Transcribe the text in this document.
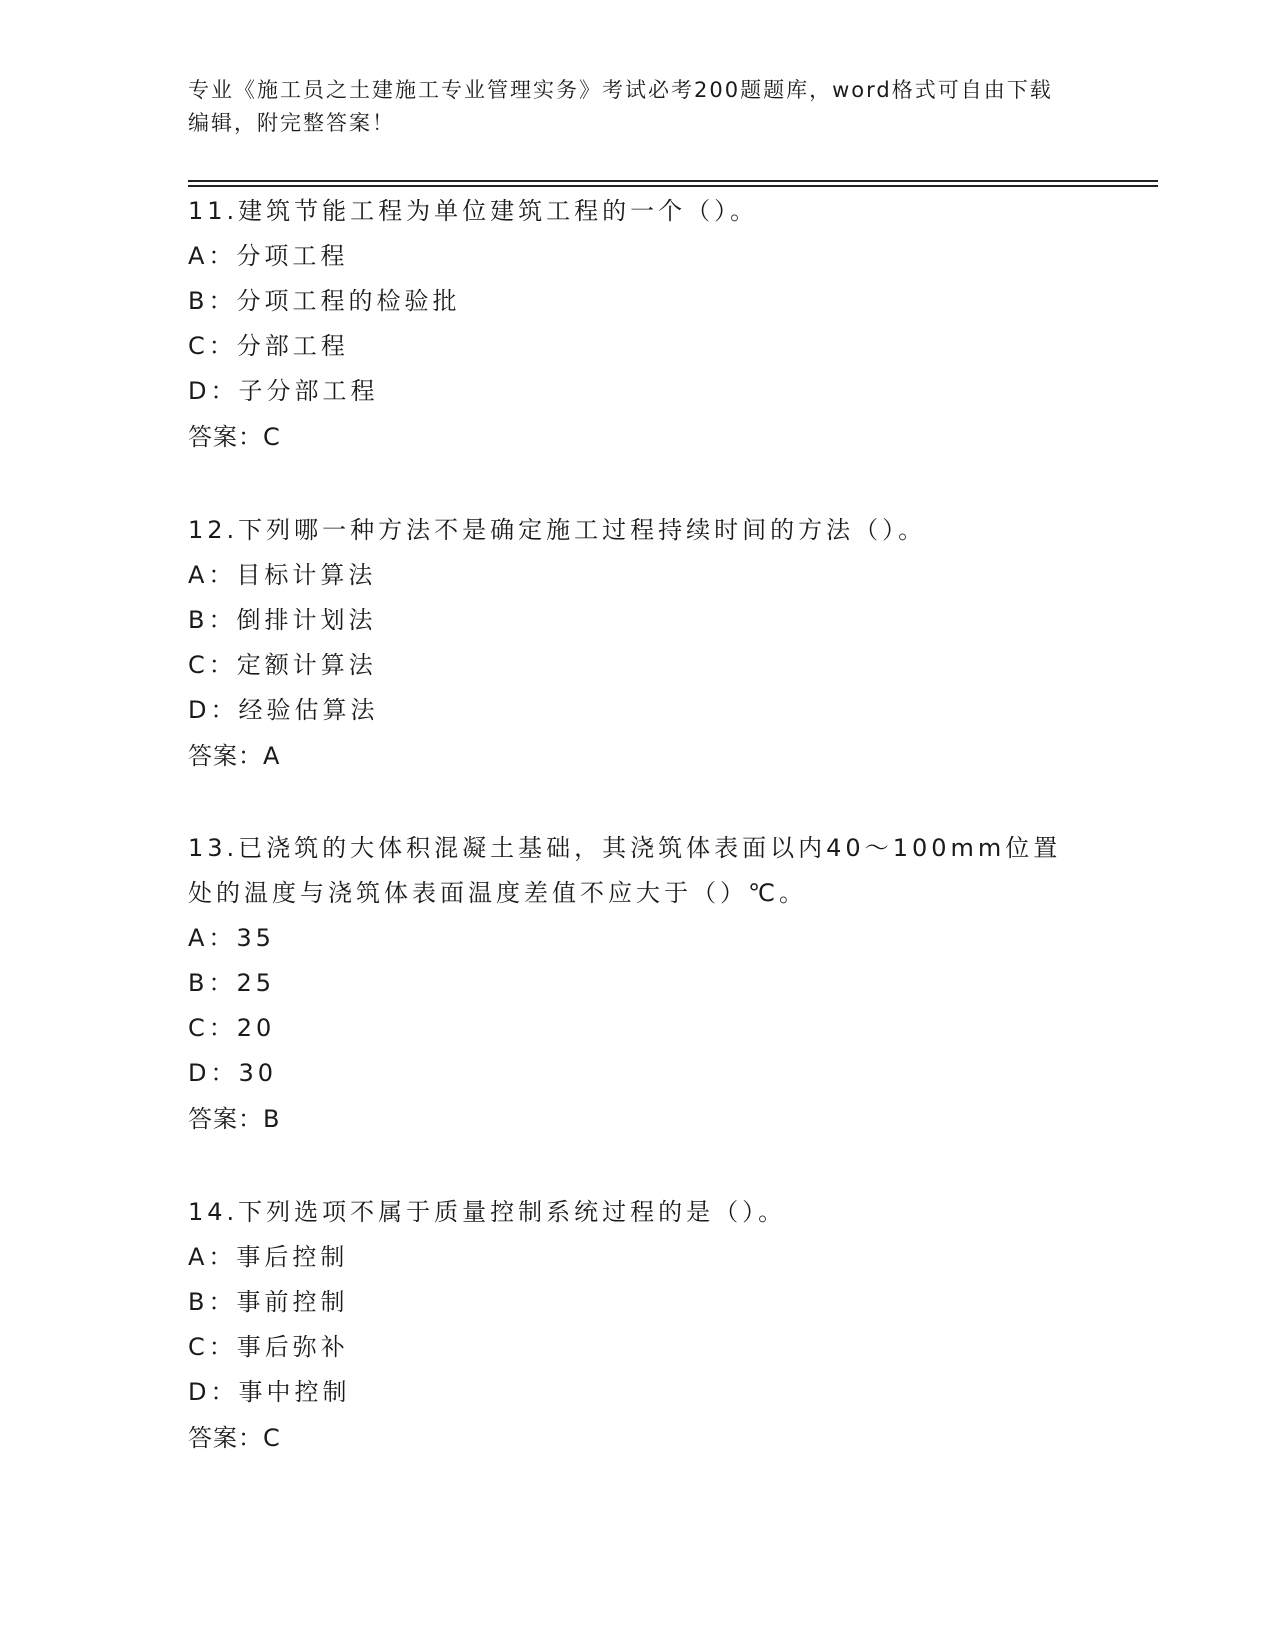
专业《施工员之土建施工专业管理实务》考试必考200题题库，word格式可自由下载编辑，附完整答案！
11.建筑节能工程为单位建筑工程的一个（）。
A：分项工程
B：分项工程的检验批
C：分部工程
D：子分部工程
答案：C
12.下列哪一种方法不是确定施工过程持续时间的方法（）。
A：目标计算法
B：倒排计划法
C：定额计算法
D：经验估算法
答案：A
13.已浇筑的大体积混凝土基础，其浇筑体表面以内40～100mm位置处的温度与浇筑体表面温度差值不应大于（）℃。
A：35
B：25
C：20
D：30
答案：B
14.下列选项不属于质量控制系统过程的是（）。
A：事后控制
B：事前控制
C：事后弥补
D：事中控制
答案：C
